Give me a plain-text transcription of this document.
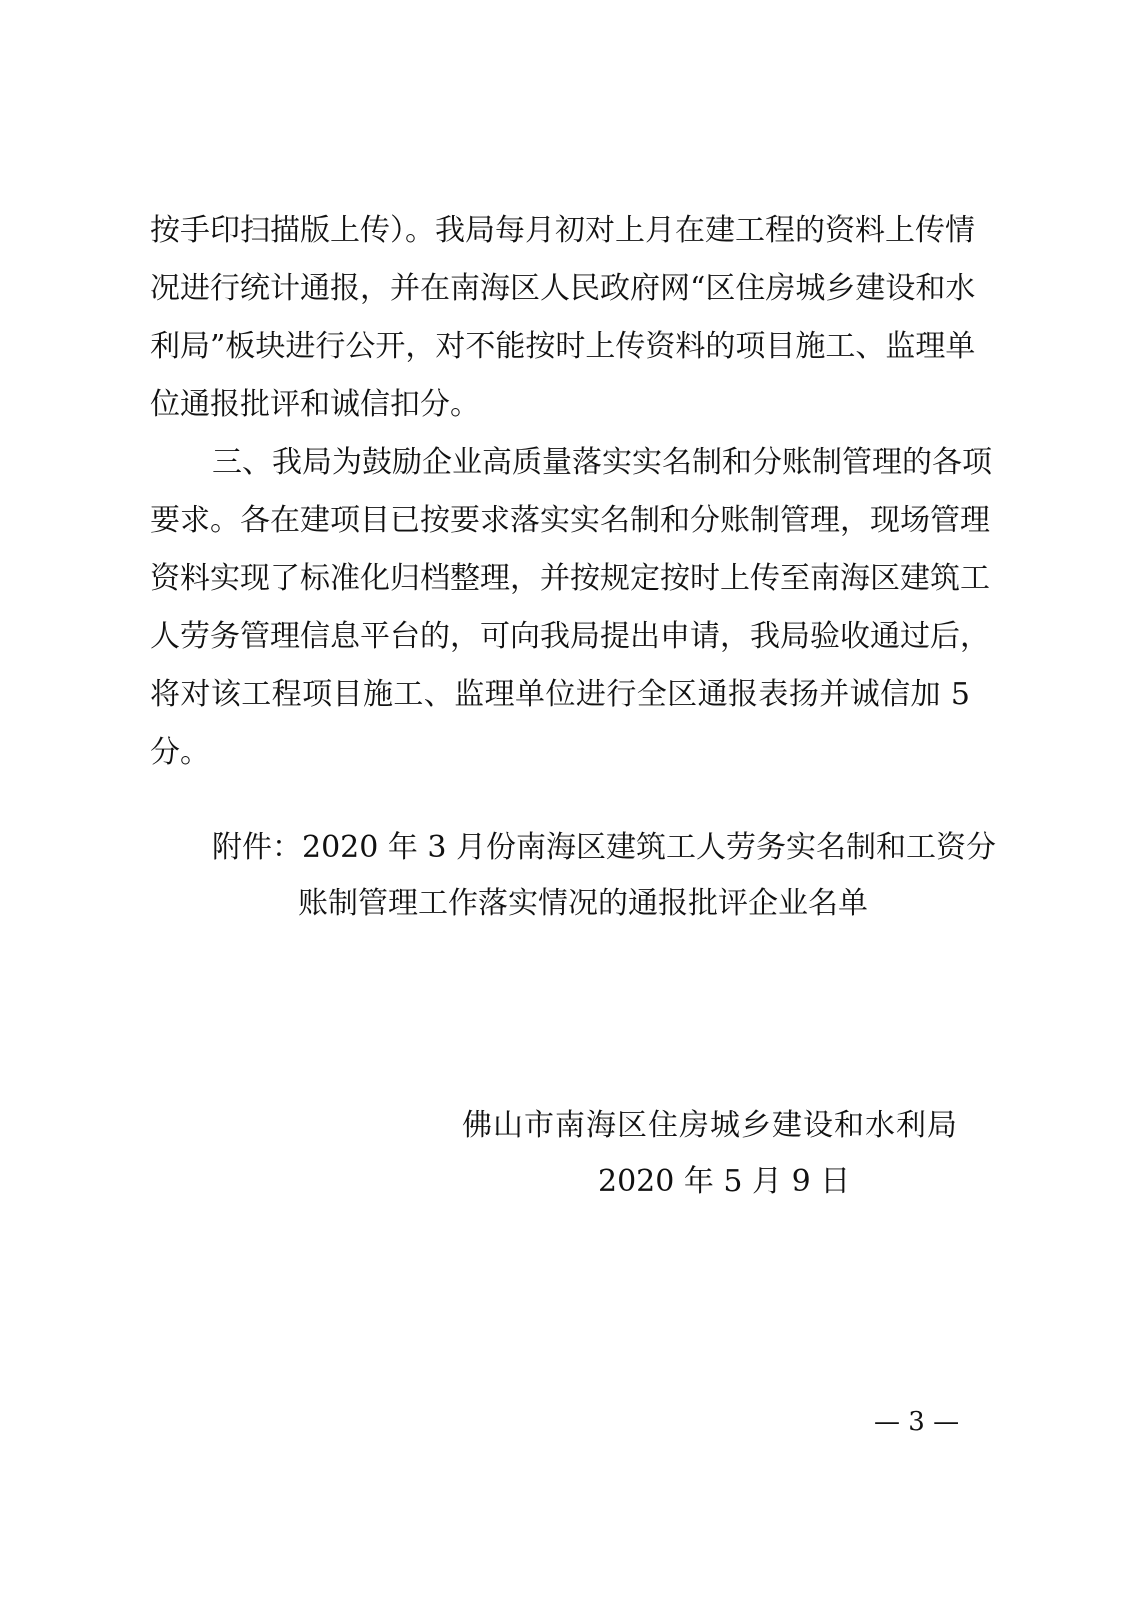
按手印扫描版上传）。我局每月初对上月在建工程的资料上传情
况进行统计通报，并在南海区人民政府网“区住房城乡建设和水
利局”板块进行公开，对不能按时上传资料的项目施工、监理单
位通报批评和诚信扣分。
三、我局为鼓励企业高质量落实实名制和分账制管理的各项
要求。各在建项目已按要求落实实名制和分账制管理，现场管理
资料实现了标准化归档整理，并按规定按时上传至南海区建筑工
人劳务管理信息平台的，可向我局提出申请，我局验收通过后，
将对该工程项目施工、监理单位进行全区通报表扬并诚信加 5
分。
附件：2020 年 3 月份南海区建筑工人劳务实名制和工资分
账制管理工作落实情况的通报批评企业名单
佛山市南海区住房城乡建设和水利局
2020 年 5 月 9 日
— 3 —
